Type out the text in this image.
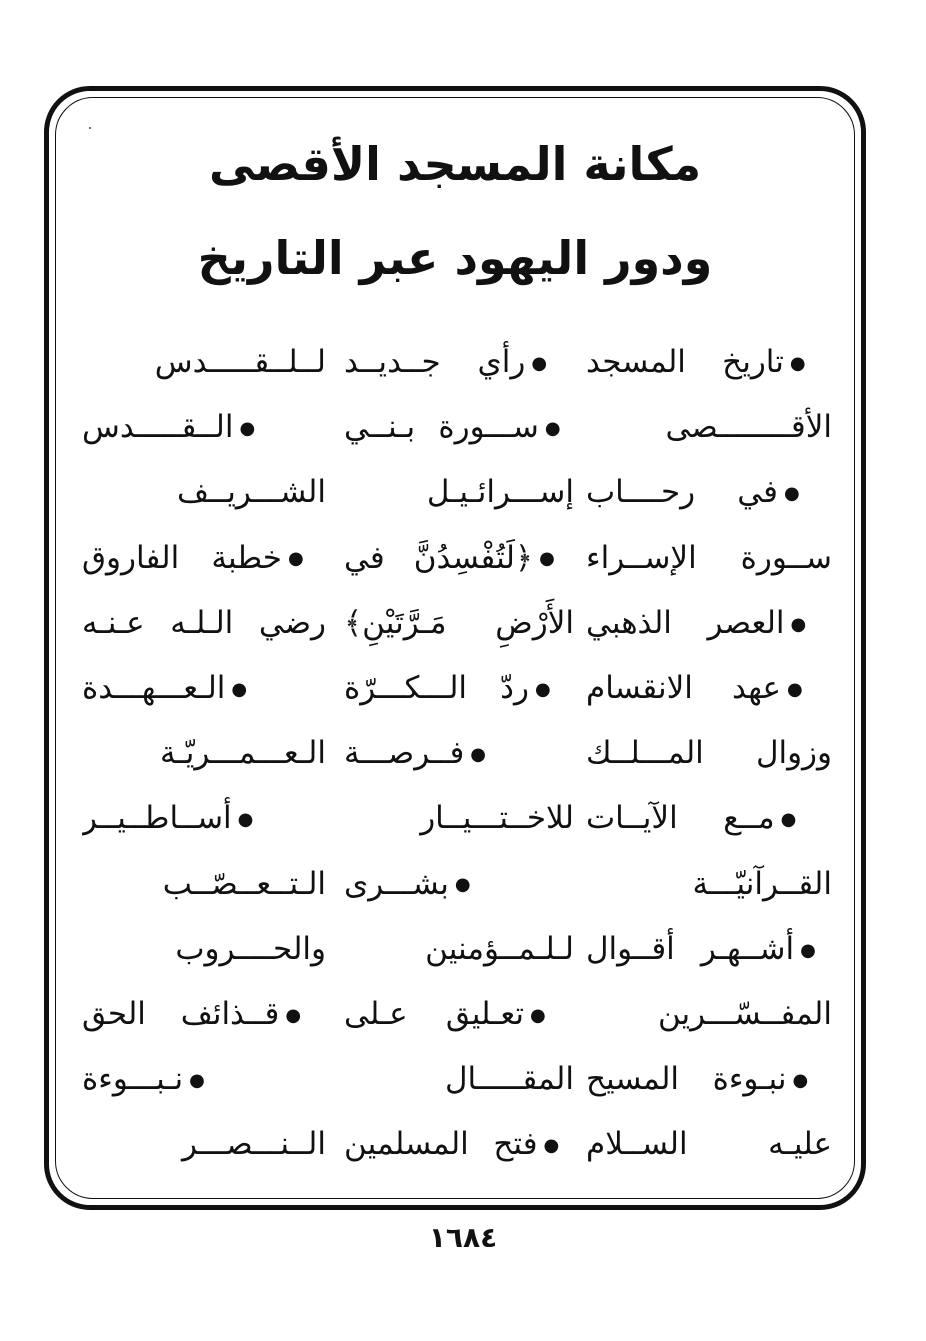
مكانة المسجد الأقصى
ودور اليهود عبر التاريخ
●تاريخ المسجد
الأقــــــــصى
●في رحــــاب
ســورة الإســراء
●العصر الذهبي
●عهد الانقسام
وزوال المـــلــك
●مــع الآيــات
القــرآنيّـــة
●أشــهـر أقــوال
المفــسّـــرين
●نبـوءة المسيح
عليـه الســلام
●رأي جــديــد
●ســـورة بـنــي
إســـرائـيـل
●﴿لَتُفْسِدُنَّ في
الأَرْضِ مَـرَّتَيْنِ﴾
●ردّ الـــكـــرّة
●فــرصـــة
للاخــتـــيــار
●بشـــرى
لـلـمــؤمنين
●تعـليق عـلى
المقـــــال
●فتح المسلمين
لــلــقـــــدس
●الــقـــــدس
الشـــريــف
●خطبة الفاروق
رضي الـلـه عـنـه
●الـعـــهـــدة
الـعـــمـــريّـة
●أســاطــيــر
الـتــعــصّــب
والحــــروب
●قــذائف الحق
●نـبـــوءة
الــنـــصـــر
١٦٨٤
